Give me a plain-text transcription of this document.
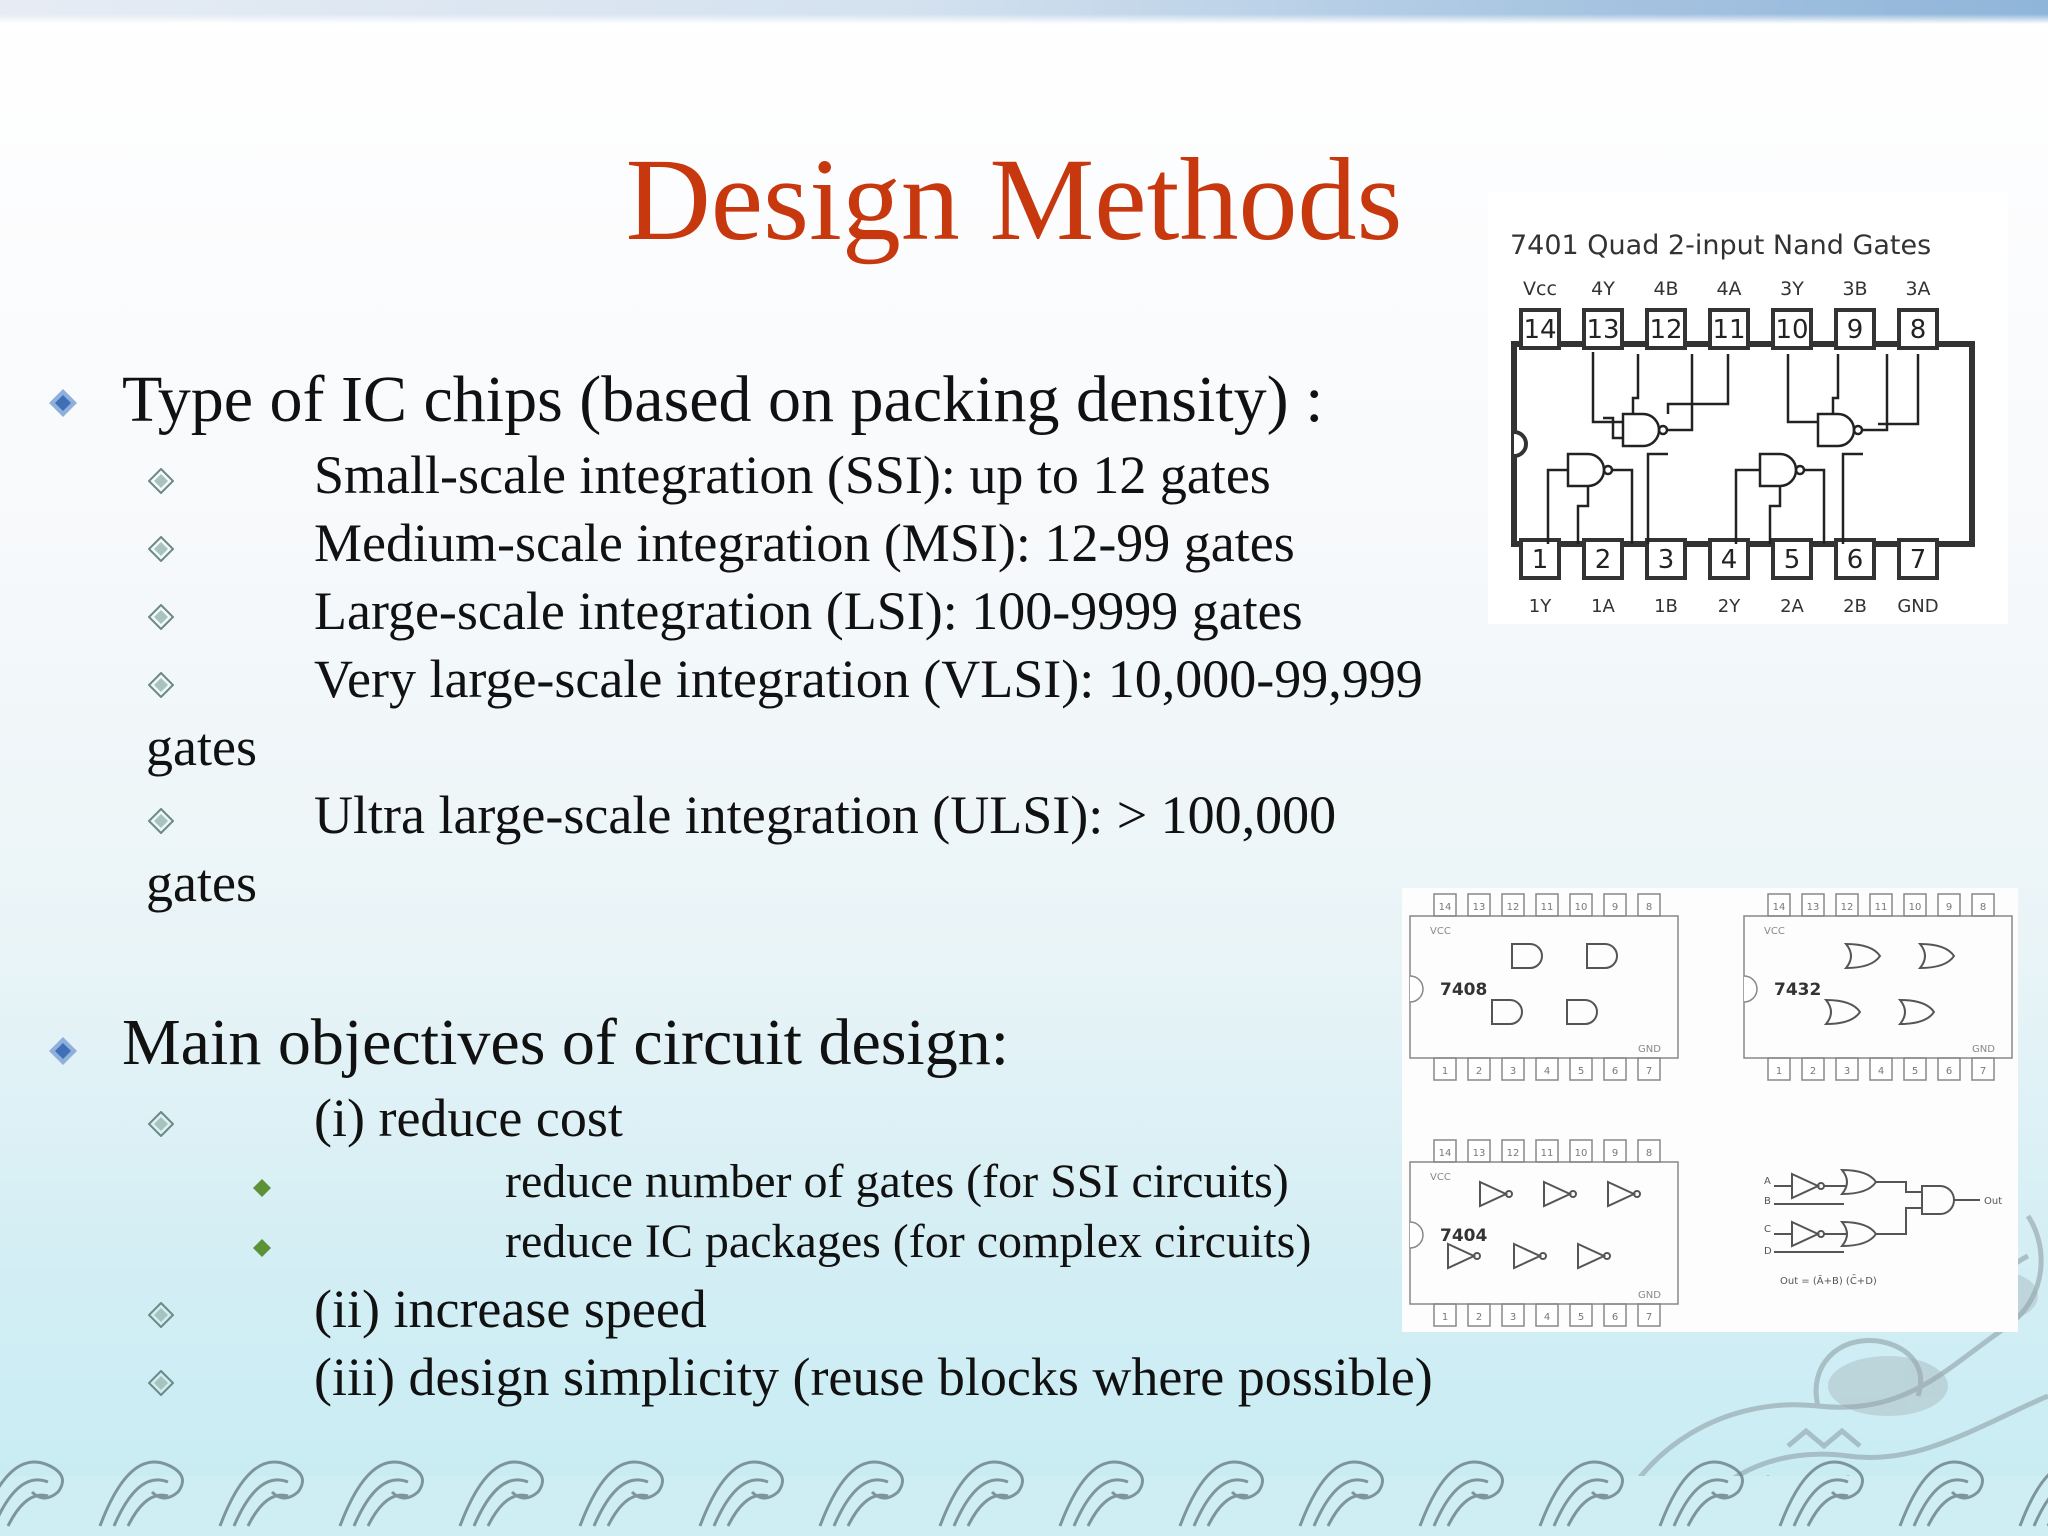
Design Methods
Type of IC chips (based on packing density) :
Small-scale integration (SSI): up to 12 gates
Medium-scale integration (MSI): 12-99 gates
Large-scale integration (LSI): 100-9999 gates
Very large-scale integration (VLSI): 10,000-99,999
gates
Ultra large-scale integration (ULSI): > 100,000
gates
Main objectives of circuit design:
(i) reduce cost
reduce number of gates (for SSI circuits)
reduce IC packages (for complex circuits)
(ii) increase speed
(iii) design simplicity (reuse blocks where possible)
7401 Quad 2-input Nand Gates
14
Vcc
13
4Y
12
4B
11
4A
10
3Y
9
3B
8
3A
1
1Y
2
1A
3
1B
4
2Y
5
2A
6
2B
7
GND
14
1
13
2
12
3
11
4
10
5
9
6
8
7
7408
VCC
GND
14
1
13
2
12
3
11
4
10
5
9
6
8
7
7432
VCC
GND
14
1
13
2
12
3
11
4
10
5
9
6
8
7
7404
VCC
GND
A
B
C
D
Out
Out = (Ā+B) (C̄+D)
